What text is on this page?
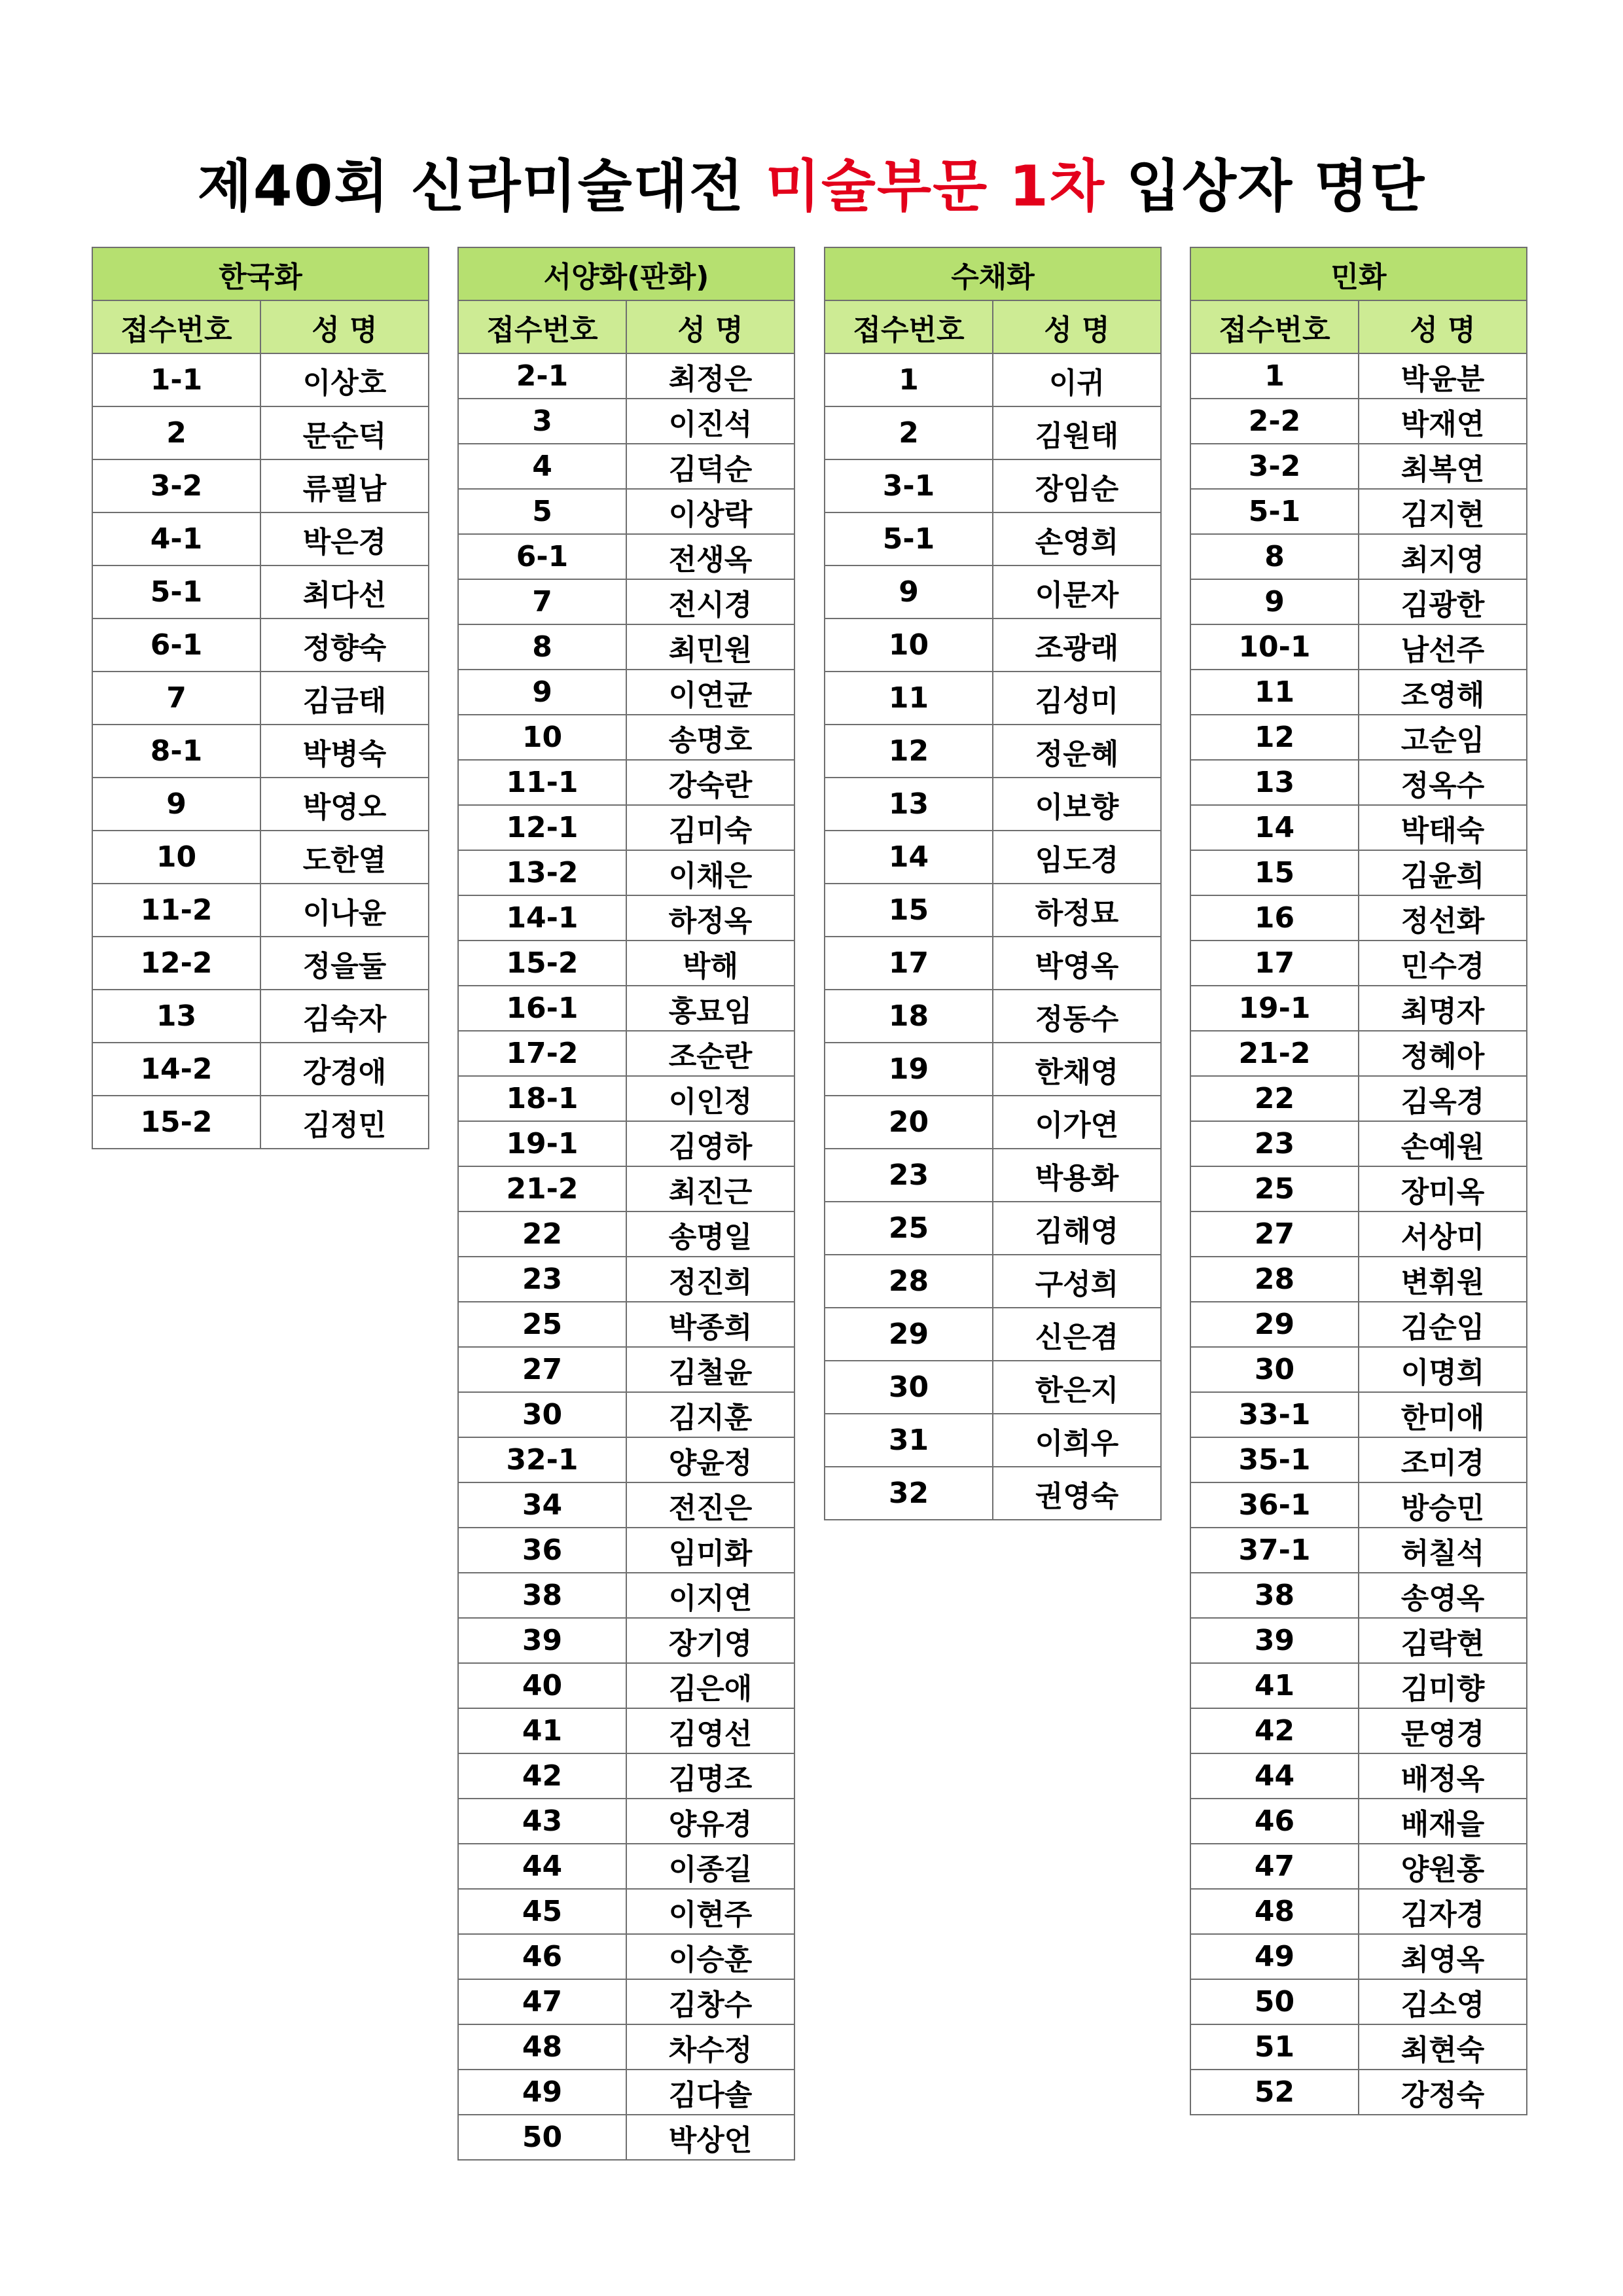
제40회 신라미술대전 미술부문 1차 입상자 명단
한국화	
접수번호	성 명
1-1	이상호
2	문순덕
3-2	류필남
4-1	박은경
5-1	최다선
6-1	정향숙
7	김금태
8-1	박병숙
9	박영오
10	도한열
11-2	이나윤
12-2	정을둘
13	김숙자
14-2	강경애
15-2	김정민
서양화(판화)	
접수번호	성 명
2-1	최정은
3	이진석
4	김덕순
5	이상락
6-1	전생옥
7	전시경
8	최민원
9	이연균
10	송명호
11-1	강숙란
12-1	김미숙
13-2	이채은
14-1	하정옥
15-2	박해
16-1	홍묘임
17-2	조순란
18-1	이인정
19-1	김영하
21-2	최진근
22	송명일
23	정진희
25	박종희
27	김철윤
30	김지훈
32-1	양윤정
34	전진은
36	임미화
38	이지연
39	장기영
40	김은애
41	김영선
42	김명조
43	양유경
44	이종길
45	이현주
46	이승훈
47	김창수
48	차수정
49	김다솔
50	박상언
수채화	
접수번호	성 명
1	이귀
2	김원태
3-1	장임순
5-1	손영희
9	이문자
10	조광래
11	김성미
12	정운혜
13	이보향
14	임도경
15	하정묘
17	박영옥
18	정동수
19	한채영
20	이가연
23	박용화
25	김해영
28	구성희
29	신은겸
30	한은지
31	이희우
32	권영숙
민화	
접수번호	성 명
1	박윤분
2-2	박재연
3-2	최복연
5-1	김지현
8	최지영
9	김광한
10-1	남선주
11	조영해
12	고순임
13	정옥수
14	박태숙
15	김윤희
16	정선화
17	민수경
19-1	최명자
21-2	정혜아
22	김옥경
23	손예원
25	장미옥
27	서상미
28	변휘원
29	김순임
30	이명희
33-1	한미애
35-1	조미경
36-1	방승민
37-1	허칠석
38	송영옥
39	김락현
41	김미향
42	문영경
44	배정옥
46	배재을
47	양원홍
48	김자경
49	최영옥
50	김소영
51	최현숙
52	강정숙
